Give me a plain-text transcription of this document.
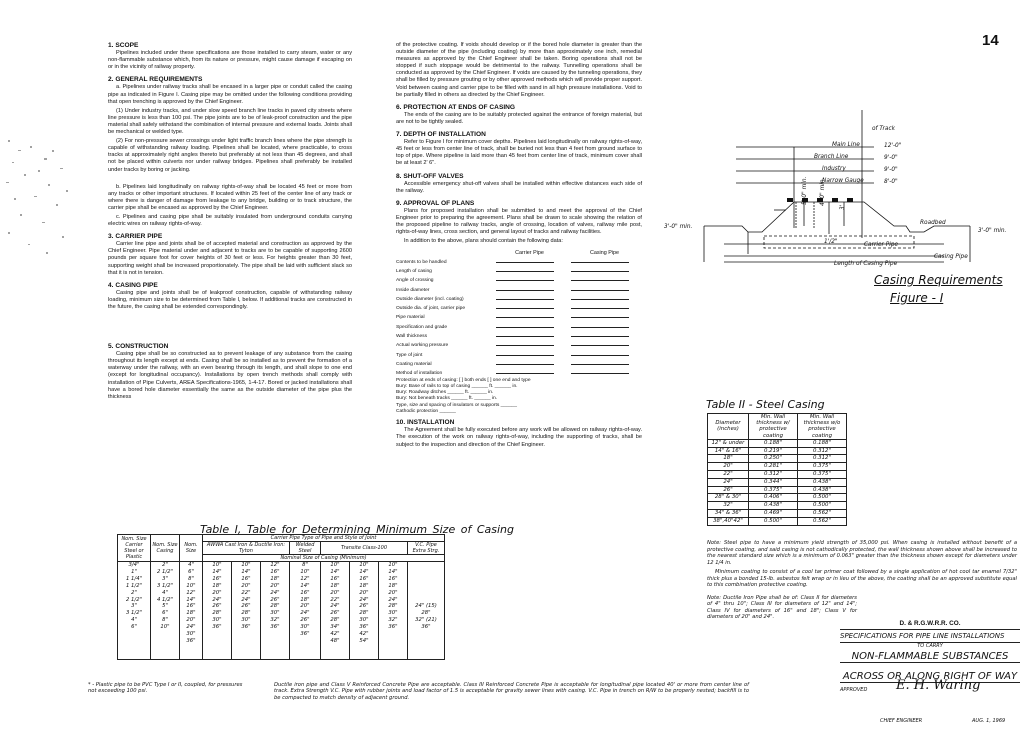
14
1. SCOPE

Pipelines included under these specifications are those installed to carry steam, water or any non-flammable substance which, from its nature or pressure, might cause damage if escaping on or in the vicinity of railway property.

2. GENERAL REQUIREMENTS

a. Pipelines under railway tracks shall be encased in a larger pipe or conduit called the casing pipe as indicated in Figure I. Casing pipe may be omitted under the following conditions providing that open trenching is approved by the Chief Engineer.

(1) Under industry tracks, and under slow speed branch line tracks in paved city streets where line pressure is less than 100 psi. The pipe joints are to be of leak-proof construction and the pipe material shall safely withstand the combination of internal pressure and external loads. Joints shall be mechanical or welded type.

(2) For non-pressure sewer crossings under light traffic branch lines where the pipe strength is capable of withstanding railway loading. Pipelines shall be located, where practicable, to cross tracks at approximately right angles thereto but preferably at not less than 45 degrees, and shall not be placed within culverts nor under railway bridges. Pipelines shall preferably be installed under tracks by boring or jacking.

b. Pipelines laid longitudinally on railway rights-of-way shall be located 45 feet or more from any tracks or other important structures. If located within 25 feet of the center line of any track or where there is danger of damage from leakage to any bridge, building or to track structure, the carrier pipe shall be encased as approved by the Chief Engineer.

c. Pipelines and casing pipe shall be suitably insulated from underground conduits carrying electric wires on railway rights-of-way.

3. CARRIER PIPE

Carrier line pipe and joints shall be of accepted material and construction as approved by the Chief Engineer. Pipe material under and adjacent to tracks are to be capable of supporting 2600 pounds per square foot for cover heights of 30 feet or less. For heights greater than 30 feet, supporting weight shall be increased proportionately. The pipe shall be laid with sufficient slack so that it is not in tension.

4. CASING PIPE

Casing pipe and joints shall be of leakproof construction, capable of withstanding railway loading, minimum size to be determined from Table I, below. If additional tracks are constructed in the future, the casing shall be extended correspondingly.

5. CONSTRUCTION

Casing pipe shall be so constructed as to prevent leakage of any substance from the casing throughout its length except at ends. Casing shall be so installed as to prevent the formation of a waterway under the railway, with an even bearing through its length, and shall slope to one end (except for longitudinal occupancy). Installations by open trench methods shall comply with installation of Pipe Culverts, AREA Specifications-1965, 1-4-17. Bored or jacked installations shall have a bored hole diameter essentially the same as the outside diameter of the pipe plus the thickness

of the protective coating. If voids should develop or if the bored hole diameter is greater than the outside diameter of the pipe (including coating) by more than approximately one inch, remedial measures as approved by the Chief Engineer shall be taken. Boring operations shall not be stopped if such stoppage would be detrimental to the railway. Tunnelling operations shall be conducted as approved by the Chief Engineer. If voids are caused by the tunneling operations, they shall be filled by pressure grouting or by other approved methods which will provide proper support. Void between casing and carrier pipe to be filled with sand in all high pressure installations. Void to be partially filled in others as directed by the Chief Engineer.

6. PROTECTION AT ENDS OF CASING

The ends of the casing are to be suitably protected against the entrance of foreign material, but are not to be tightly sealed.

7. DEPTH OF INSTALLATION

Refer to Figure I for minimum cover depths. Pipelines laid longitudinally on railway rights-of-way, 45 feet or less from center line of track, shall be buried not less than 4 feet from ground surface to top of pipe. Where pipeline is laid more than 45 feet from center line of track, minimum cover shall be at least 2' 6".

8. SHUT-OFF VALVES

Accessible emergency shut-off valves shall be installed within effective distances each side of the railway.

9. APPROVAL OF PLANS

Plans for proposed installation shall be submitted to and meet the approval of the Chief Engineer prior to preparing the agreement. Plans shall be drawn to scale showing the relation of the proposed pipeline to railway tracks, angle of crossing, location of valves, railway mile post, rights-of-way lines, cross section, and general layout of tracks and railway facilities.

In addition to the above, plans should contain the following data:

	Carrier Pipe	Casing Pipe
Contents to be handled		
Length of casing		
Angle of crossing		
Inside diameter		
Outside diameter (incl. coating)		
Outside dia. of joint, carrier pipe		
Pipe material		
Specification and grade		
Wall thickness		
Actual working pressure		
Type of joint		
Coating material		
Method of installation		
Protection at ends of casing: [ ] both ends [ ] one end and type
Bury: Base of rails to top of casing ______ ft. ______ in.
Bury: Roadway ditches ______ ft. ______ in.
Bury: Not beneath tracks ______ ft. ______ in.
Type, size and spacing of insulators or supports ______
Cathodic protection ______
10. INSTALLATION

The Agreement shall be fully executed before any work will be allowed on railway rights-of-way. The execution of the work on railway rights-of-way, including the supporting of tracks, shall be subject to the inspection and direction of the Chief Engineer.

of Track
Main Line	12'-0"
Branch Line	9'-0"
Industry	9'-0"
Narrow Gauge	8'-0"
5'-0" min. 4'-0" min.
3'
3'-0" min.
3'-0" min.
Roadbed
Carrier Pipe
Casing Pipe
Length of Casing Pipe
1'/2"
Casing Requirements
Figure - I
Table II - Steel Casing
Diameter (inches)	Min. Wall thickness w/ protective coating	Min. Wall thickness w/o protective coating
12" & under	0.188"	0.188"
14" & 16"	0.219"	0.312"
18"	0.250"	0.312"
20"	0.281"	0.375"
22"	0.312"	0.375"
24"	0.344"	0.438"
26"	0.375"	0.438"
28" & 30"	0.406"	0.500"
32"	0.438"	0.500"
34" & 36"	0.469"	0.562"
38",40"42"	0.500"	0.562"
Table I, Table for Determining Minimum Size of Casing
Nom. Size Carrier Steel or Plastic	Nom. Size Casing	Nom. Size	Carrier Pipe Type of Pipe and Style of Joint							
			AWWA Cast Iron & Ductile Iron: Tyton			Welded Steel	Transite Class-100			V.C. Pipe Extra Strg.
			Nominal Size of Casing (Minimum)							
3/4"	2"	4"	10"	10"	12"	8"	10"	10"	10"	
1"	2 1/2"	6"	14"	14"	16"	10"	14"	14"	14"	
1 1/4"	3"	8"	16"	16"	18"	12"	16"	16"	16"	
1 1/2"	3 1/2"	10"	18"	20"	20"	14"	18"	18"	18"	
2"	4"	12"	20"	22"	24"	16"	20"	20"	20"	
2 1/2"	4 1/2"	14"	24"	24"	26"	18"	22"	24"	24"	
3"	5"	16"	26"	26"	28"	20"	24"	26"	28"	24" (15)
3 1/2"	6"	18"	28"	28"	30"	24"	26"	28"	30"	28"
4"	8"	20"	30"	30"	32"	26"	28"	30"	32"	32" (21)
6"	10"	24"	36"	36"	36"	30"	34"	36"	36"	36"
		30"				36"	42"	42"		
		36"					48"	54"		

* - Plastic pipe to be PVC Type I or II, coupled, for pressures not exceeding 100 psi.
Ductile iron pipe and Class V Reinforced Concrete Pipe are acceptable. Class III Reinforced Concrete Pipe is acceptable for longitudinal pipe located 40' or more from center line of track. Extra Strength V.C. Pipe with rubber joints and load factor of 1.5 is acceptable for gravity sewer lines with casing. V.C. Pipe in trench on R/W to be properly nested; backfill is to be compacted to match density of adjacent ground.
Note: Steel pipe to have a minimum yield strength of 35,000 psi. When casing is installed without benefit of a protective coating, and said casing is not cathodically protected, the wall thickness shown above shall be increased to the nearest standard size which is a minimum of 0.063" greater than the thickness shown except for diameters under 12 1/4 in.
Minimum coating to consist of a cool tar primer coat followed by a single application of hot cool tar enamel 7/32" thick plus a bonded 15-lb. asbestos felt wrap or in lieu of the above, the coating shall be an approved substitute equal to this combination protective coating.
Note: Ductile Iron Pipe shall be of: Class II for diameters of 4" thru 10"; Class III for diameters of 12" and 14"; Class IV for diameters of 16" and 18"; Class V for diameters of 20" and 24".
D. & R.G.W.R.R. CO.
SPECIFICATIONS FOR PIPE LINE INSTALLATIONS
TO CARRY
NON-FLAMMABLE SUBSTANCES
ACROSS OR ALONG RIGHT OF WAY
APPROVED
CHIEF ENGINEER	AUG. 1, 1969
E. H. Waring
